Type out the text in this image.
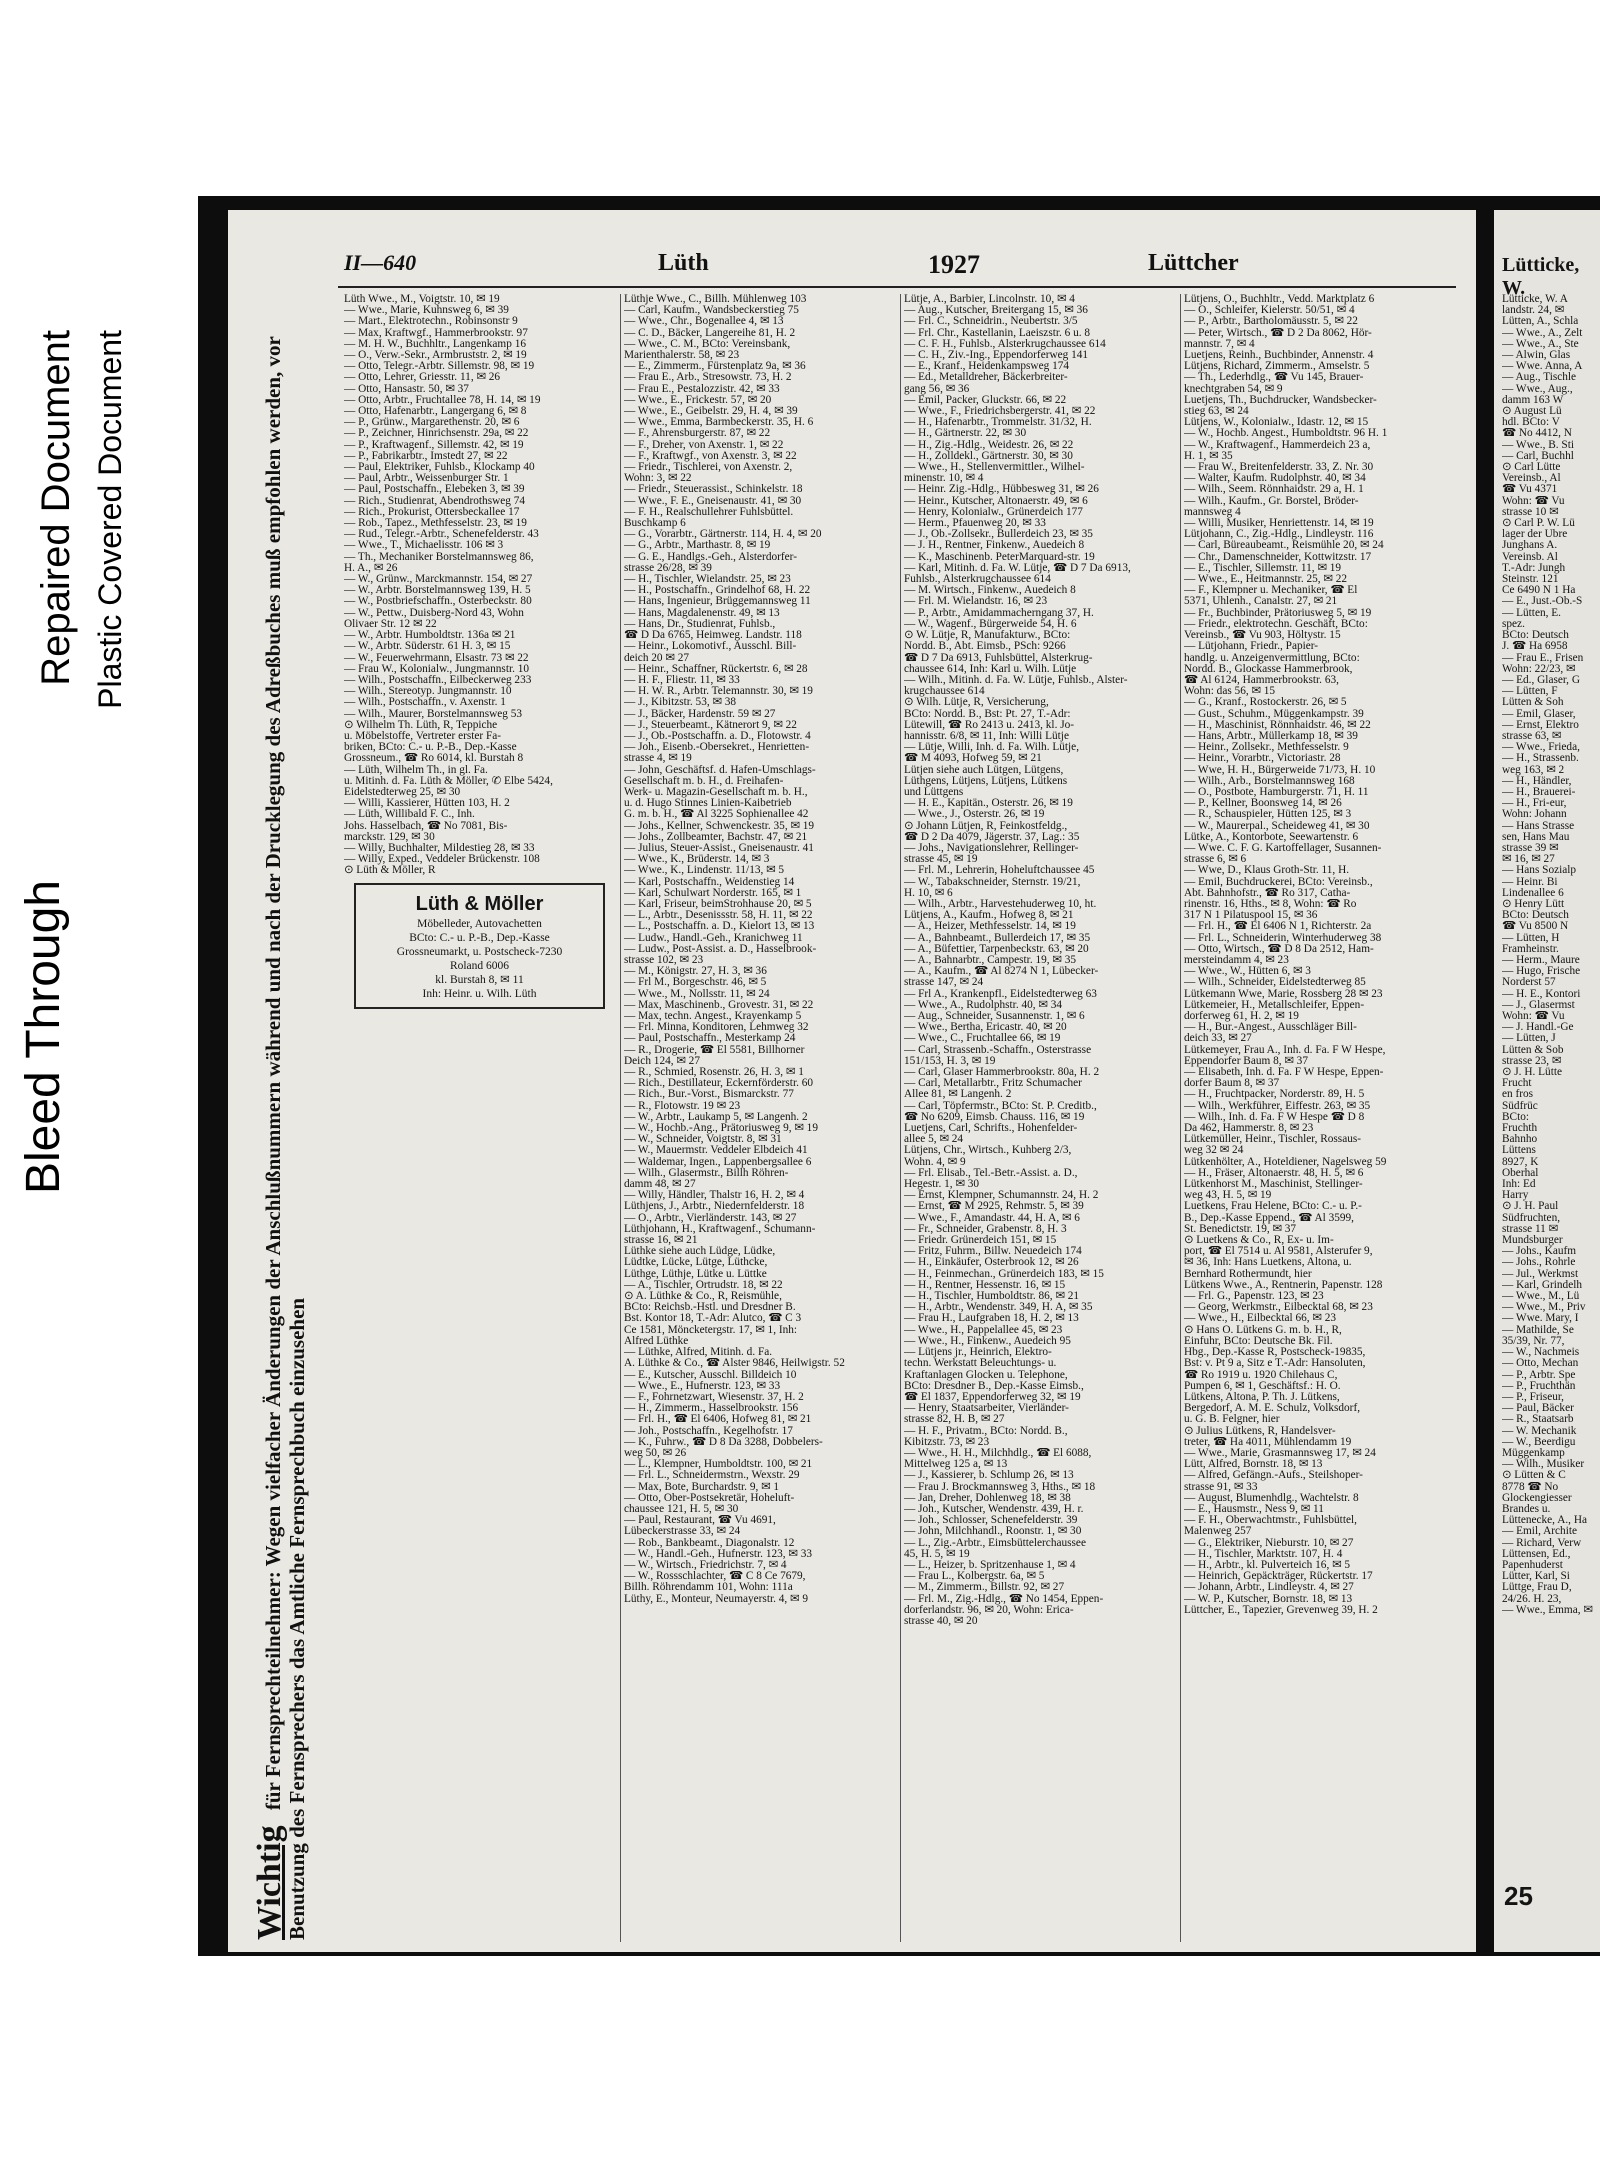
Bleed Through
Repaired Document Plastic Covered Document
Wichtig für Fernsprechteilnehmer: Wegen vielfacher Änderungen der Anschlußnummern während und nach der Drucklegung des Adreßbuches muß empfohlen werden, vor Benutzung des Fernsprechers das Amtliche Fernsprechbuch einzusehen
II—640	Lüth	1927	Lüttcher
Lüth Wwe., M., Voigtstr. 10, ✉ 19
— Wwe., Marie, Kuhnsweg 6, ✉ 39
— Mart., Elektrotechn., Robinsonstr 9
— Max, Kraftwgf., Hammerbrookstr. 97
— M. H. W., Buchhltr., Langenkamp 16
— O., Verw.-Sekr., Armbruststr. 2, ✉ 19
— Otto, Telegr.-Arbtr. Sillemstr. 98, ✉ 19
— Otto, Lehrer, Griesstr. 11, ✉ 26
— Otto, Hansastr. 50, ✉ 37
— Otto, Arbtr., Fruchtallee 78, H. 14, ✉ 19
— Otto, Hafenarbtr., Langergang 6, ✉ 8
— P., Grünw., Margarethenstr. 20, ✉ 6
— P., Zeichner, Hinrichsenstr. 29a, ✉ 22
— P., Kraftwagenf., Sillemstr. 42, ✉ 19
— P., Fabrikarbtr., Imstedt 27, ✉ 22
— Paul, Elektriker, Fuhlsb., Klockamp 40
— Paul, Arbtr., Weissenburger Str. 1
— Paul, Postschaffn., Elebeken 3, ✉ 39
— Rich., Studienrat, Abendrothsweg 74
— Rich., Prokurist, Ottersbeckallee 17
— Rob., Tapez., Methfesselstr. 23, ✉ 19
— Rud., Telegr.-Arbtr., Schenefelderstr. 43
— Wwe., T., Michaelisstr. 106 ✉ 3
— Th., Mechaniker Borstelmannsweg 86,
H. A., ✉ 26
— W., Grünw., Marckmannstr. 154, ✉ 27
— W., Arbtr. Borstelmannsweg 139, H. 5
— W., Postbriefschaffn., Osterbeckstr. 80
— W., Pettw., Duisberg-Nord 43, Wohn
Olivaer Str. 12 ✉ 22
— W., Arbtr. Humboldtstr. 136a ✉ 21
— W., Arbtr. Süderstr. 61 H. 3, ✉ 15
— W., Feuerwehrmann, Elsastr. 73 ✉ 22
— Frau W., Kolonialw., Jungmannstr. 10
— Wilh., Postschaffn., Eilbeckerweg 233
— Wilh., Stereotyp. Jungmannstr. 10
— Wilh., Postschaffn., v. Axenstr. 1
— Wilh., Maurer, Borstelmannsweg 53
⊙ Wilhelm Th. Lüth, R, Teppiche
u. Möbelstoffe, Vertreter erster Fa-
briken, BCto: C.- u. P.-B., Dep.-Kasse
Grossneum., ☎ Ro 6014, kl. Burstah 8
— Lüth, Wilhelm Th., in gl. Fa.
u. Mitinh. d. Fa. Lüth & Möller, ✆ Elbe 5424,
Eidelstedterweg 25, ✉ 30
— Willi, Kassierer, Hütten 103, H. 2
— Lüth, Willibald F. C., Inh.
Johs. Hasselbach, ☎ No 7081, Bis-
marckstr. 129, ✉ 30
— Willy, Buchhalter, Mildestieg 28, ✉ 33
— Willy, Exped., Veddeler Brückenstr. 108
⊙ Lüth & Möller, R
Lüth & Möller
Möbelleder, Autovachetten
BCto: C.- u. P.-B., Dep.-Kasse
Grossneumarkt, u. Postscheck-7230
Roland 6006
kl. Burstah 8, ✉ 11
Inh: Heinr. u. Wilh. Lüth
Lüthje Wwe., C., Billh. Mühlenweg 103
— Carl, Kaufm., Wandsbeckerstieg 75
— Wwe., Chr., Bogenallee 4, ✉ 13
— C. D., Bäcker, Langereihe 81, H. 2
— Wwe., C. M., BCto: Vereinsbank,
Marienthalerstr. 58, ✉ 23
— E., Zimmerm., Fürstenplatz 9a, ✉ 36
— Frau E., Arb., Stresowstr. 73, H. 2
— Frau E., Pestalozzistr. 42, ✉ 33
— Wwe., E., Frickestr. 57, ✉ 20
— Wwe., E., Geibelstr. 29, H. 4, ✉ 39
— Wwe., Emma, Barmbeckerstr. 35, H. 6
— F., Ahrensburgerstr. 87, ✉ 22
— F., Dreher, von Axenstr. 1, ✉ 22
— F., Kraftwgf., von Axenstr. 3, ✉ 22
— Friedr., Tischlerei, von Axenstr. 2,
Wohn: 3, ✉ 22
— Friedr., Steuerassist., Schinkelstr. 18
— Wwe., F. E., Gneisenaustr. 41, ✉ 30
— F. H., Realschullehrer Fuhlsbüttel.
Buschkamp 6
— G., Vorarbtr., Gärtnerstr. 114, H. 4, ✉ 20
— G., Arbtr., Marthastr. 8, ✉ 19
— G. E., Handlgs.-Geh., Alsterdorfer-
strasse 26/28, ✉ 39
— H., Tischler, Wielandstr. 25, ✉ 23
— H., Postschaffn., Grindelhof 68, H. 22
— Hans, Ingenieur, Brüggemannsweg 11
— Hans, Magdalenenstr. 49, ✉ 13
— Hans, Dr., Studienrat, Fuhlsb.,
☎ D Da 6765, Heimweg. Landstr. 118
— Heinr., Lokomotivf., Ausschl. Bill-
deich 20 ✉ 27
— Heinr., Schaffner, Rückertstr. 6, ✉ 28
— H. F., Fliestr. 11, ✉ 33
— H. W. R., Arbtr. Telemannstr. 30, ✉ 19
— J., Kibitzstr. 53, ✉ 38
— J., Bäcker, Hardenstr. 59 ✉ 27
— J., Steuerbeamt., Kätnerort 9, ✉ 22
— J., Ob.-Postschaffn. a. D., Flotowstr. 4
— Joh., Eisenb.-Obersekret., Henrietten-
strasse 4, ✉ 19
— John, Geschäftsf. d. Hafen-Umschlags-
Gesellschaft m. b. H., d. Freihafen-
Werk- u. Magazin-Gesellschaft m. b. H.,
u. d. Hugo Stinnes Linien-Kaibetrieb
G. m. b. H., ☎ Al 3225 Sophienallee 42
— Johs., Kellner, Schwenckestr. 35, ✉ 19
— Johs., Zollbeamter, Bachstr. 47, ✉ 21
— Julius, Steuer-Assist., Gneisenaustr. 41
— Wwe., K., Brüderstr. 14, ✉ 3
— Wwe., K., Lindenstr. 11/13, ✉ 5
— Karl, Postschaffn., Weidenstieg 14
— Karl, Schulwart Norderstr. 165, ✉ 1
— Karl, Friseur, beimStrohhause 20, ✉ 5
— L., Arbtr., Desenissstr. 58, H. 11, ✉ 22
— L., Postschaffn. a. D., Kielort 13, ✉ 13
— Ludw., Handl.-Geh., Kranichweg 11
— Ludw., Post-Assist. a. D., Hasselbrook-
strasse 102, ✉ 23
— M., Königstr. 27, H. 3, ✉ 36
— Frl M., Borgeschstr. 46, ✉ 5
— Wwe., M., Nollsstr. 11, ✉ 24
— Max, Maschinenb., Grovestr. 31, ✉ 22
— Max, techn. Angest., Krayenkamp 5
— Frl. Minna, Konditoren, Lehmweg 32
— Paul, Postschaffn., Mesterkamp 24
— R., Drogerie, ☎ El 5581, Billhorner
Deich 124, ✉ 27
— R., Schmied, Rosenstr. 26, H. 3, ✉ 1
— Rich., Destillateur, Eckernförderstr. 60
— Rich., Bur.-Vorst., Bismarckstr. 77
— R., Flotowstr. 19 ✉ 23
— W., Arbtr., Laukamp 5, ✉ Langenh. 2
— W., Hochb.-Ang., Prätoriusweg 9, ✉ 19
— W., Schneider, Voigtstr. 8, ✉ 31
— W., Mauermstr. Veddeler Elbdeich 41
— Waldemar, Ingen., Lappenbergsallee 6
— Wilh., Glasermstr., Billh Röhren-
damm 48, ✉ 27
— Willy, Händler, Thalstr 16, H. 2, ✉ 4
Lüthjens, J., Arbtr., Niedernfelderstr. 18
— O., Arbtr., Vierländerstr. 143, ✉ 27
Lüthjohann, H., Kraftwagenf., Schumann-
strasse 16, ✉ 21
Lüthke siehe auch Lüdge, Lüdke,
Lüdtke, Lücke, Lütge, Lüthcke,
Lüthge, Lüthje, Lütke u. Lüttke
— A., Tischler, Ortrudstr. 18, ✉ 22
⊙ A. Lüthke & Co., R, Reismühle,
BCto: Reichsb.-Hstl. und Dresdner B.
Bst. Kontor 18, T.-Adr: Alutco, ☎ C 3
Ce 1581, Möncketergstr. 17, ✉ 1, Inh:
Alfred Lüthke
— Lüthke, Alfred, Mitinh. d. Fa.
A. Lüthke & Co., ☎ Alster 9846, Heilwigstr. 52
— E., Kutscher, Ausschl. Billdeich 10
— Wwe., E., Hufnerstr. 123, ✉ 33
— F., Fohrnetzwart, Wiesenstr. 37, H. 2
— H., Zimmerm., Hasselbrookstr. 156
— Frl. H., ☎ El 6406, Hofweg 81, ✉ 21
— Joh., Postschaffn., Kegelhofstr. 17
— K., Fuhrw., ☎ D 8 Da 3288, Dobbelers-
weg 50, ✉ 26
— L., Klempner, Humboldtstr. 100, ✉ 21
— Frl. L., Schneidermstrn., Wexstr. 29
— Max, Bote, Burchardstr. 9, ✉ 1
— Otto, Ober-Postsekretär, Hoheluft-
chaussee 121, H. 5, ✉ 30
— Paul, Restaurant, ☎ Vu 4691,
Lübeckerstrasse 33, ✉ 24
— Rob., Bankbeamt., Diagonalstr. 12
— W., Handl.-Geh., Hufnerstr. 123, ✉ 33
— W., Wirtsch., Friedrichstr. 7, ✉ 4
— W., Rossschlachter, ☎ C 8 Ce 7679,
Billh. Röhrendamm 101, Wohn: 111a
Lüthy, E., Monteur, Neumayerstr. 4, ✉ 9
Lütje, A., Barbier, Lincolnstr. 10, ✉ 4
— Aug., Kutscher, Breitergang 15, ✉ 36
— Frl. C., Schneidrin., Neubertstr. 3/5
— Frl. Chr., Kastellanin, Laeiszstr. 6 u. 8
— C. F. H., Fuhlsb., Alsterkrugchaussee 614
— C. H., Ziv.-Ing., Eppendorferweg 141
— E., Kranf., Heidenkampsweg 174
— Ed., Metalldreher, Bäckerbreiter-
gang 56, ✉ 36
— Emil, Packer, Gluckstr. 66, ✉ 22
— Wwe., F., Friedrichsbergerstr. 41, ✉ 22
— H., Hafenarbtr., Trommelstr. 31/32, H.
— H., Gärtnerstr. 22, ✉ 30
— H., Zig.-Hdlg., Weidestr. 26, ✉ 22
— H., Zolldekl., Gärtnerstr. 30, ✉ 30
— Wwe., H., Stellenvermittler., Wilhel-
minenstr. 10, ✉ 4
— Heinr. Zig.-Hdlg., Hübbesweg 31, ✉ 26
— Heinr., Kutscher, Altonaerstr. 49, ✉ 6
— Henry, Kolonialw., Grünerdeich 177
— Herm., Pfauenweg 20, ✉ 33
— J., Ob.-Zollsekr., Bullerdeich 23, ✉ 35
— J. H., Rentner, Finkenw., Auedeich 8
— K., Maschinenb. PeterMarquard-str. 19
— Karl, Mitinh. d. Fa. W. Lütje, ☎ D 7 Da 6913,
Fuhlsb., Alsterkrugchaussee 614
— M. Wirtsch., Finkenw., Auedeich 8
— Frl. M. Wielandstr. 16, ✉ 23
— P., Arbtr., Amidammacherngang 37, H.
— W., Wagenf., Bürgerweide 54, H. 6
⊙ W. Lütje, R, Manufakturw., BCto:
Nordd. B., Abt. Eimsb., PSch: 9266
☎ D 7 Da 6913, Fuhlsbüttel, Alsterkrug-
chaussee 614, Inh: Karl u. Wilh. Lütje
— Wilh., Mitinh. d. Fa. W. Lütje, Fuhlsb., Alster-
krugchaussee 614
⊙ Wilh. Lütje, R, Versicherung,
BCto: Nordd. B., Bst: Pt. 27, T.-Adr:
Lütewill, ☎ Ro 2413 u. 2413, kl. Jo-
hannisstr. 6/8, ✉ 11, Inh: Willi Lütje
— Lütje, Willi, Inh. d. Fa. Wilh. Lütje,
☎ M 4093, Hofweg 59, ✉ 21
Lütjen siehe auch Lütgen, Lütgens,
Lüthgens, Lütjens, Lütjens, Lütkens
und Lüttgens
— H. E., Kapitän., Osterstr. 26, ✉ 19
— Wwe., J., Osterstr. 26, ✉ 19
⊙ Johann Lütjen, R, Feinkostfeldg.,
☎ D 2 Da 4079, Jägerstr. 37, Lag.: 35
— Johs., Navigationslehrer, Rellinger-
strasse 45, ✉ 19
— Frl. M., Lehrerin, Hoheluftchaussee 45
— W., Tabakschneider, Sternstr. 19/21,
H. 10, ✉ 6
— Wilh., Arbtr., Harvestehuderweg 10, ht.
Lütjens, A., Kaufm., Hofweg 8, ✉ 21
— A., Heizer, Methfesselstr. 14, ✉ 19
— A., Bahnbeamt., Bullerdeich 17, ✉ 35
— A., Büfettier, Tarpenbeckstr. 63, ✉ 20
— A., Bahnarbtr., Campestr. 19, ✉ 35
— A., Kaufm., ☎ Al 8274 N 1, Lübecker-
strasse 147, ✉ 24
— Frl A., Krankenpfl., Eidelstedterweg 63
— Wwe., A., Rudolphstr. 40, ✉ 34
— Aug., Schneider, Susannenstr. 1, ✉ 6
— Wwe., Bertha, Ericastr. 40, ✉ 20
— Wwe., C., Fruchtallee 66, ✉ 19
— Carl, Strassenb.-Schaffn., Osterstrasse
151/153, H. 3, ✉ 19
— Carl, Glaser Hammerbrookstr. 80a, H. 2
— Carl, Metallarbtr., Fritz Schumacher
Allee 81, ✉ Langenh. 2
— Carl, Töpfermstr., BCto: St. P. Creditb.,
☎ No 6209, Eimsb. Chauss. 116, ✉ 19
Luetjens, Carl, Schrifts., Hohenfelder-
allee 5, ✉ 24
Lütjens, Chr., Wirtsch., Kuhberg 2/3,
Wohn. 4, ✉ 9
— Frl. Elisab., Tel.-Betr.-Assist. a. D.,
Hegestr. 1, ✉ 30
— Ernst, Klempner, Schumannstr. 24, H. 2
— Ernst, ☎ M 2925, Rehmstr. 5, ✉ 39
— Wwe., F., Amandastr. 44, H. A, ✉ 6
— Fr., Schneider, Grabenstr. 8, H. 3
— Friedr. Grünerdeich 151, ✉ 15
— Fritz, Fuhrm., Billw. Neuedeich 174
— H., Einkäufer, Osterbrook 12, ✉ 26
— H., Feinmechan., Grünerdeich 183, ✉ 15
— H., Rentner, Hessenstr. 16, ✉ 15
— H., Tischler, Humboldtstr. 86, ✉ 21
— H., Arbtr., Wendenstr. 349, H. A, ✉ 35
— Frau H., Laufgraben 18, H. 2, ✉ 13
— Wwe., H., Pappelallee 45, ✉ 23
— Wwe., H., Finkenw., Auedeich 95
— Lütjens jr., Heinrich, Elektro-
techn. Werkstatt Beleuchtungs- u.
Kraftanlagen Glocken u. Telephone,
BCto: Dresdner B., Dep.-Kasse Eimsb.,
☎ El 1837, Eppendorferweg 32, ✉ 19
— Henry, Staatsarbeiter, Vierländer-
strasse 82, H. B, ✉ 27
— H. F., Privatm., BCto: Nordd. B.,
Kibitzstr. 73, ✉ 23
— Wwe., H. H., Milchhdlg., ☎ El 6088,
Mittelweg 125 a, ✉ 13
— J., Kassierer, b. Schlump 26, ✉ 13
— Frau J. Brockmannsweg 3, Hths., ✉ 18
— Jan, Dreher, Dohlenweg 18, ✉ 38
— Joh., Kutscher, Wendenstr. 439, H. r.
— Joh., Schlosser, Schenefelderstr. 39
— John, Milchhandl., Roonstr. 1, ✉ 30
— L., Zig.-Arbtr., Eimsbüttelerchaussee
45, H. 5, ✉ 19
— L., Heizer, b. Spritzenhause 1, ✉ 4
— Frau L., Kolbergstr. 6a, ✉ 5
— M., Zimmerm., Billstr. 92, ✉ 27
— Frl. M., Zig.-Hdlg., ☎ No 1454, Eppen-
dorferlandstr. 96, ✉ 20, Wohn: Erica-
strasse 40, ✉ 20
Lütjens, O., Buchhltr., Vedd. Marktplatz 6
— O., Schleifer, Kielerstr. 50/51, ✉ 4
— P., Arbtr., Bartholomäusstr. 5, ✉ 22
— Peter, Wirtsch., ☎ D 2 Da 8062, Hör-
mannstr. 7, ✉ 4
Luetjens, Reinh., Buchbinder, Annenstr. 4
Lütjens, Richard, Zimmerm., Amselstr. 5
— Th., Lederhdlg., ☎ Vu 145, Brauer-
knechtgraben 54, ✉ 9
Luetjens, Th., Buchdrucker, Wandsbecker-
stieg 63, ✉ 24
Lütjens, W., Kolonialw., Idastr. 12, ✉ 15
— W., Hochb. Angest., Humboldtstr. 96 H. 1
— W., Kraftwagenf., Hammerdeich 23 a,
H. 1, ✉ 35
— Frau W., Breitenfelderstr. 33, Z. Nr. 30
— Walter, Kaufm. Rudolphstr. 40, ✉ 34
— Wilh., Seem. Rönnhaidstr. 29 a, H. 1
— Wilh., Kaufm., Gr. Borstel, Bröder-
mannsweg 4
— Willi, Musiker, Henriettenstr. 14, ✉ 19
Lütjohann, C., Zig.-Hdlg., Lindleystr. 116
— Carl, Büreaubeamt., Reismühle 20, ✉ 24
— Chr., Damenschneider, Kottwitzstr. 17
— E., Tischler, Sillemstr. 11, ✉ 19
— Wwe., E., Heitmannstr. 25, ✉ 22
— F., Klempner u. Mechaniker, ☎ El
5371, Uhlenh., Canalstr. 27, ✉ 21
— Fr., Buchbinder, Prätoriusweg 5, ✉ 19
— Friedr., elektrotechn. Geschäft, BCto:
Vereinsb., ☎ Vu 903, Höltystr. 15
— Lütjohann, Friedr., Papier-
handlg. u. Anzeigenvermittlung, BCto:
Nordd. B., Glockasse Hammerbrook,
☎ Al 6124, Hammerbrookstr. 63,
Wohn: das 56, ✉ 15
— G., Kranf., Rostockerstr. 26, ✉ 5
— Gust., Schuhm., Müggenkampstr. 39
— H., Maschinist, Rönnhaidstr. 46, ✉ 22
— Hans, Arbtr., Müllerkamp 18, ✉ 39
— Heinr., Zollsekr., Methfesselstr. 9
— Heinr., Vorarbtr., Victoriastr. 28
— Wwe, H. H., Bürgerweide 71/73, H. 10
— Wilh., Arb., Borstelmannsweg 168
— O., Postbote, Hamburgerstr. 71, H. 11
— P., Kellner, Boonsweg 14, ✉ 26
— R., Schauspieler, Hütten 125, ✉ 3
— W., Maurerpal., Scheideweg 41, ✉ 30
Lütke, A., Kontorbote, Seewartenstr. 6
— Wwe. C. F. G. Kartoffellager, Susannen-
strasse 6, ✉ 6
— Wwe, D., Klaus Groth-Str. 11, H.
— Emil, Buchdruckerei, BCto: Vereinsb.,
Abt. Bahnhofstr., ☎ Ro 317, Catha-
rinenstr. 16, Hths., ✉ 8, Wohn: ☎ Ro
317 N 1 Pilatuspool 15, ✉ 36
— Frl. H., ☎ El 6406 N 1, Richterstr. 2a
— Frl. L., Schneiderin, Winterhuderweg 38
— Otto, Wirtsch., ☎ D 8 Da 2512, Ham-
mersteindamm 4, ✉ 23
— Wwe., W., Hütten 6, ✉ 3
— Wilh., Schneider, Eidelstedterweg 85
Lütkemann Wwe, Marie, Rossberg 28 ✉ 23
Lütkemeier, H., Metallschleifer, Eppen-
dorferweg 61, H. 2, ✉ 19
— H., Bur.-Angest., Ausschläger Bill-
deich 33, ✉ 27
Lütkemeyer, Frau A., Inh. d. Fa. F W Hespe,
Eppendorfer Baum 8, ✉ 37
— Elisabeth, Inh. d. Fa. F W Hespe, Eppen-
dorfer Baum 8, ✉ 37
— H., Fruchtpacker, Norderstr. 89, H. 5
— Wilh., Werkführer, Eiffestr. 263, ✉ 35
— Wilh., Inh. d. Fa. F W Hespe ☎ D 8
Da 462, Hammerstr. 8, ✉ 23
Lütkemüller, Heinr., Tischler, Rossaus-
weg 32 ✉ 24
Lütkenhölter, A., Hoteldiener, Nagelsweg 59
— H., Fräser, Altonaerstr. 48, H. 5, ✉ 6
Lütkenhorst M., Maschinist, Stellinger-
weg 43, H. 5, ✉ 19
Luetkens, Frau Helene, BCto: C.- u. P.-
B., Dep.-Kasse Eppend., ☎ Al 3599,
St. Benedictstr. 19, ✉ 37
⊙ Luetkens & Co., R, Ex- u. Im-
port, ☎ El 7514 u. Al 9581, Alsterufer 9,
✉ 36, Inh: Hans Luetkens, Altona, u.
Bernhard Rothermundt, hier
Lütkens Wwe., A., Rentnerin, Papenstr. 128
— Frl. G., Papenstr. 123, ✉ 23
— Georg, Werkmstr., Eilbecktal 68, ✉ 23
— Wwe., H., Eilbecktal 66, ✉ 23
⊙ Hans O. Lütkens G. m. b. H., R,
Einfuhr, BCto: Deutsche Bk. Fil.
Hbg., Dep.-Kasse R, Postscheck-19835,
Bst: v. Pt 9 a, Sitz e T.-Adr: Hansoluten,
☎ Ro 1919 u. 1920 Chilehaus C,
Pumpen 6, ✉ 1, Geschäftsf.: H. O.
Lütkens, Altona, P. Th. J. Lütkens,
Bergedorf, A. M. E. Schulz, Volksdorf,
u. G. B. Felgner, hier
⊙ Julius Lütkens, R, Handelsver-
treter, ☎ Ha 4011, Mühlendamm 19
— Wwe., Marie, Grasmannsweg 17, ✉ 24
Lütt, Alfred, Bornstr. 18, ✉ 13
— Alfred, Gefängn.-Aufs., Steilshoper-
strasse 91, ✉ 33
— August, Blumenhdlg., Wachtelstr. 8
— E., Hausmstr., Ness 9, ✉ 11
— F. H., Oberwachtmstr., Fuhlsbüttel,
Malenweg 257
— G., Elektriker, Nieburstr. 10, ✉ 27
— H., Tischler, Marktstr. 107, H. 4
— H., Arbtr., kl. Pulverteich 16, ✉ 5
— Heinrich, Gepäckträger, Rückertstr. 17
— Johann, Arbtr., Lindleystr. 4, ✉ 27
— W. P., Kutscher, Bornstr. 18, ✉ 13
Lüttcher, E., Tapezier, Grevenweg 39, H. 2
Lütticke, W.
Lütticke, W. A
landstr. 24, ✉
Lütten, A., Schla
— Wwe., A., Zelt
— Wwe., A., Ste
— Alwin, Glas
— Wwe. Anna, A
— Aug., Tischle
— Wwe., Aug.,
damm 163 W
⊙ August Lü
hdl. BCto: V
☎ No 4412, N
— Wwe., B. Sti
— Carl, Buchhl
⊙ Carl Lütte
Vereinsb., Al
☎ Vu 4371
Wohn: ☎ Vu
strasse 10 ✉
⊙ Carl P. W. Lü
lager der Ubre
Junghans A.
Vereinsb. Al
T.-Adr: Jungh
Steinstr. 121
Ce 6490 N 1 Ha
— E., Just.-Ob.-S
— Lütten, E.
spez.
BCto: Deutsch
J. ☎ Ha 6958
— Frau E., Frisen
Wohn: 22/23, ✉
— Ed., Glaser, G
— Lütten, F
Lütten & Soh
— Emil, Glaser,
— Ernst, Elektro
strasse 63, ✉
— Wwe., Frieda,
— H., Strassenb.
weg 163, ✉ 2
— H., Händler,
— H., Brauerei-
— H., Fri-eur,
Wohn: Johann
— Hans Strasse
sen, Hans Mau
strasse 39 ✉
✉ 16, ✉ 27
— Hans Sozialp
— Heinr. Bi
Lindenallee 6
⊙ Henry Lütt
BCto: Deutsch
☎ Vu 8500 N
— Lütten, H
Framheinstr.
— Herm., Maure
— Hugo, Frische
Norderst 57
— H. E., Kontori
— J., Glasermst
Wohn: ☎ Vu
— J. Handl.-Ge
— Lütten, J
Lütten & Sob
strasse 23, ✉
⊙ J. H. Lütte
Frucht
en fros
Südfrüc
BCto:
Fruchth
Bahnho
Lüttens
8927, K
Oberhal
Inh: Ed
Harry
⊙ J. H. Paul
Südfruchten,
strasse 11 ✉
Mundsburger
— Johs., Kaufm
— Johs., Rohrle
— Jul., Werkmst
— Karl, Grindelh
— Wwe., M., Lü
— Wwe., M., Priv
— Wwe. Mary, I
— Mathilde, Se
35/39, Nr. 77,
— W., Nachmeis
— Otto, Mechan
— P., Arbtr. Spe
— P., Fruchthän
— P., Friseur,
— Paul, Bäcker
— R., Staatsarb
— W. Mechanik
— W., Beerdigu
Müggenkamp
— Wilh., Musiker
⊙ Lütten & C
8778 ☎ No
Glockengiesser
Brandes u.
Lüttenecke, A., Ha
— Emil, Archite
— Richard, Verw
Lüttensen, Ed.,
Papenhuderst
Lütter, Karl, Si
Lüttge, Frau D,
24/26. H. 23,
— Wwe., Emma, ✉
25
